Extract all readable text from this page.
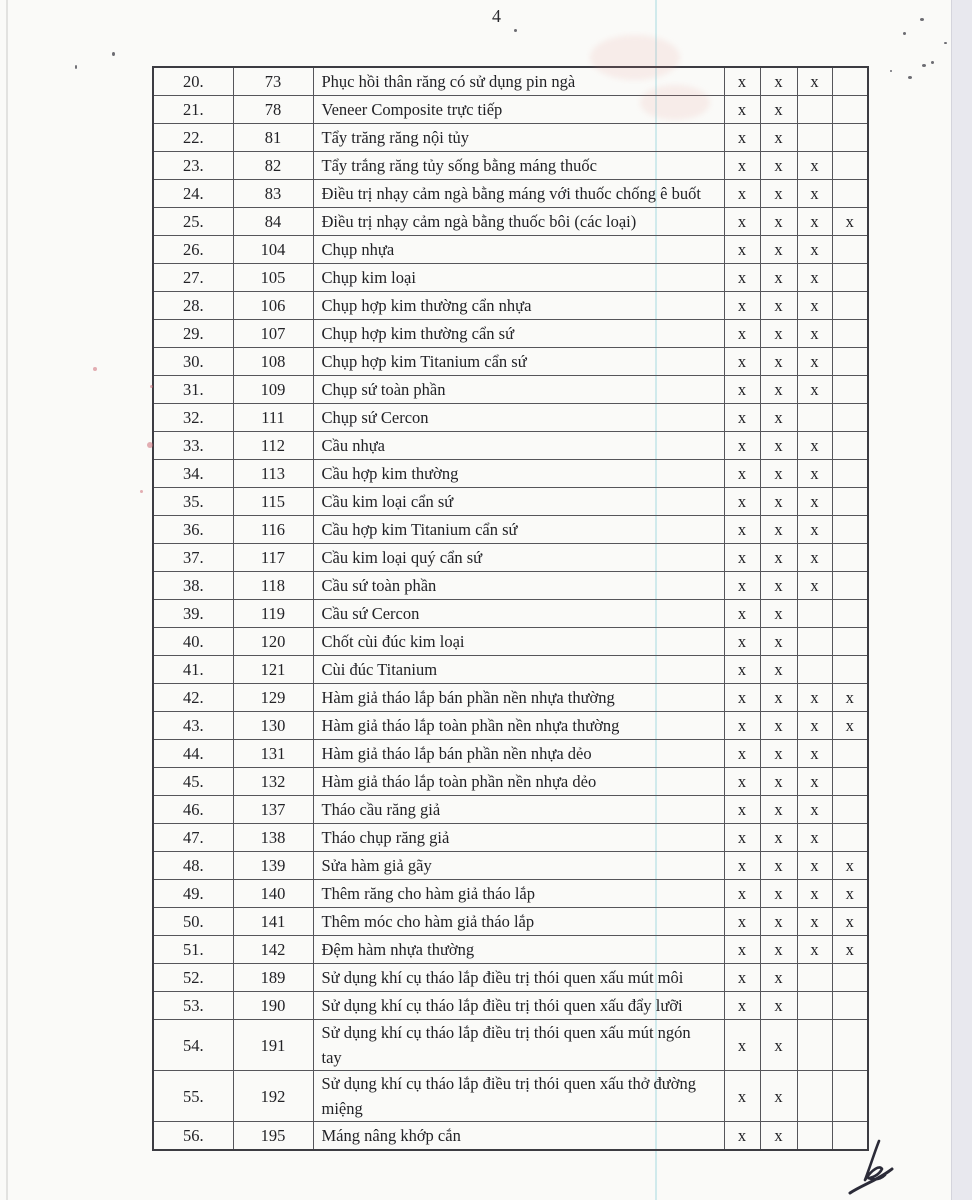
4
20.	73	Phục hồi thân răng có sử dụng pin ngà	x	x	x	
21.	78	Veneer Composite trực tiếp	x	x		
22.	81	Tẩy trăng răng nội tủy	x	x		
23.	82	Tẩy trắng răng tủy sống bằng máng thuốc	x	x	x	
24.	83	Điều trị nhạy cảm ngà bằng máng với thuốc chống ê buốt	x	x	x	
25.	84	Điều trị nhạy cảm ngà bằng thuốc bôi (các loại)	x	x	x	x
26.	104	Chụp nhựa	x	x	x	
27.	105	Chụp kim loại	x	x	x	
28.	106	Chụp hợp kim thường cẩn nhựa	x	x	x	
29.	107	Chụp hợp kim thường cẩn sứ	x	x	x	
30.	108	Chụp hợp kim Titanium cẩn sứ	x	x	x	
31.	109	Chụp sứ toàn phần	x	x	x	
32.	111	Chụp sứ Cercon	x	x		
33.	112	Cầu nhựa	x	x	x	
34.	113	Cầu hợp kim thường	x	x	x	
35.	115	Cầu kim loại cẩn sứ	x	x	x	
36.	116	Cầu hợp kim Titanium cẩn sứ	x	x	x	
37.	117	Cầu kim loại quý cẩn sứ	x	x	x	
38.	118	Cầu sứ toàn phần	x	x	x	
39.	119	Cầu sứ Cercon	x	x		
40.	120	Chốt cùi đúc kim loại	x	x		
41.	121	Cùi đúc Titanium	x	x		
42.	129	Hàm giả tháo lắp bán phần nền nhựa thường	x	x	x	x
43.	130	Hàm giả tháo lắp toàn phần nền nhựa thường	x	x	x	x
44.	131	Hàm giả tháo lắp bán phần nền nhựa dẻo	x	x	x	
45.	132	Hàm giả tháo lắp toàn phần nền nhựa dẻo	x	x	x	
46.	137	Tháo cầu răng giả	x	x	x	
47.	138	Tháo chụp răng giả	x	x	x	
48.	139	Sửa hàm giả gãy	x	x	x	x
49.	140	Thêm răng cho hàm giả tháo lắp	x	x	x	x
50.	141	Thêm móc cho hàm giả tháo lắp	x	x	x	x
51.	142	Đệm hàm nhựa thường	x	x	x	x
52.	189	Sử dụng khí cụ tháo lắp điều trị thói quen xấu mút môi	x	x		
53.	190	Sử dụng khí cụ tháo lắp điều trị thói quen xấu đẩy lưỡi	x	x		
54.	191	Sử dụng khí cụ tháo lắp điều trị thói quen xấu mút ngón tay	x	x		
55.	192	Sử dụng khí cụ tháo lắp điều trị thói quen xấu thở đường miệng	x	x		
56.	195	Máng nâng khớp cắn	x	x		
